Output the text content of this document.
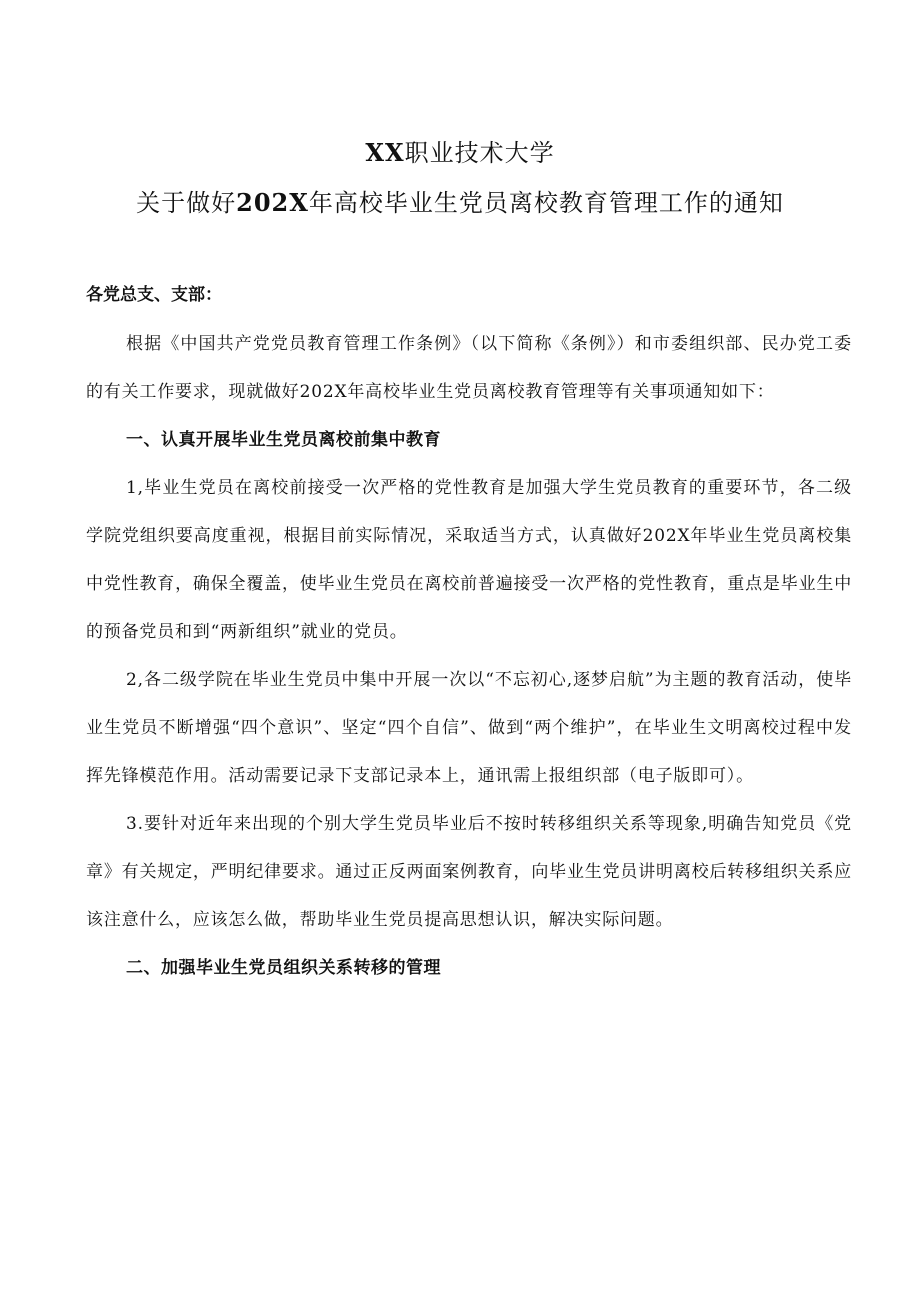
XX职业技术大学
关于做好202X年高校毕业生党员离校教育管理工作的通知

各党总支、支部：

根据《中国共产党党员教育管理工作条例》（以下简称《条例》）和市委组织部、民办党工委的有关工作要求，现就做好202X年高校毕业生党员离校教育管理等有关事项通知如下：

一、认真开展毕业生党员离校前集中教育

1,毕业生党员在离校前接受一次严格的党性教育是加强大学生党员教育的重要环节，各二级学院党组织要高度重视，根据目前实际情况，采取适当方式，认真做好202X年毕业生党员离校集中党性教育，确保全覆盖，使毕业生党员在离校前普遍接受一次严格的党性教育，重点是毕业生中的预备党员和到“两新组织”就业的党员。

2,各二级学院在毕业生党员中集中开展一次以“不忘初心,逐梦启航”为主题的教育活动，使毕业生党员不断增强“四个意识”、坚定“四个自信”、做到“两个维护”，在毕业生文明离校过程中发挥先锋模范作用。活动需要记录下支部记录本上，通讯需上报组织部（电子版即可）。

3.要针对近年来出现的个别大学生党员毕业后不按时转移组织关系等现象,明确告知党员《党章》有关规定，严明纪律要求。通过正反两面案例教育，向毕业生党员讲明离校后转移组织关系应该注意什么，应该怎么做，帮助毕业生党员提高思想认识，解决实际问题。

二、加强毕业生党员组织关系转移的管理
